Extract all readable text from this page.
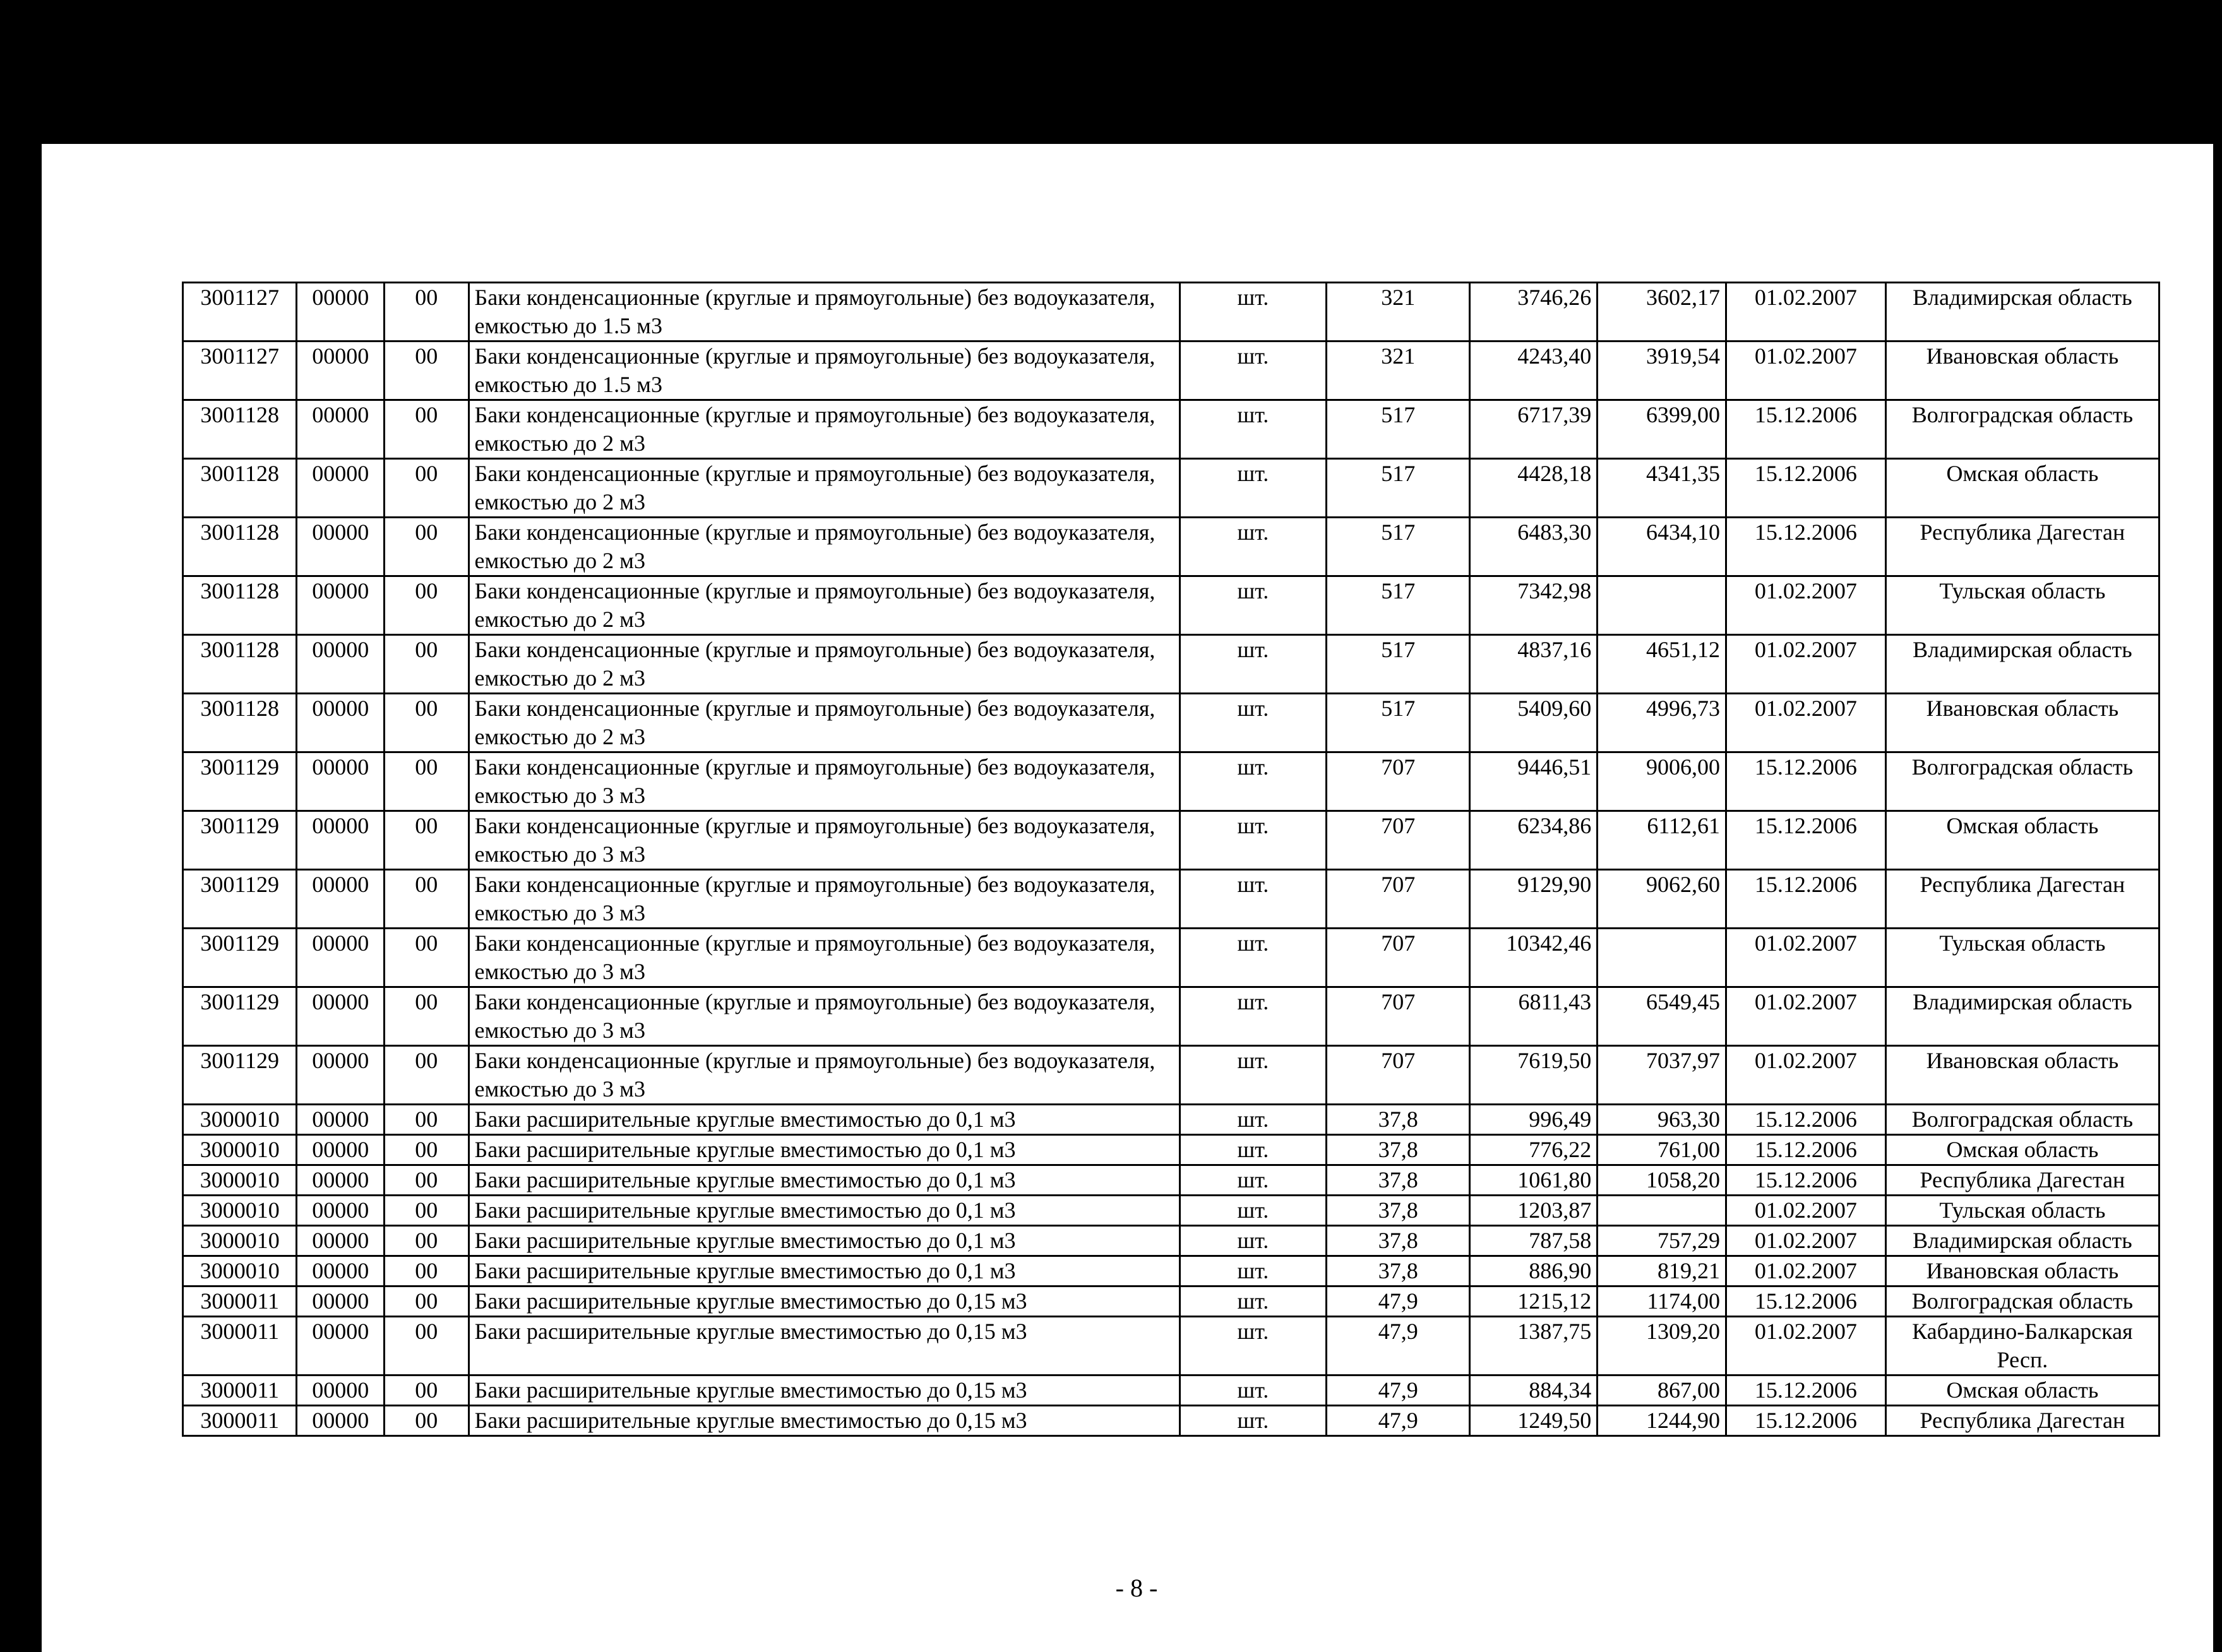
3001127	00000	00	Баки конденсационные (круглые и прямоугольные) без водоуказателя, емкостью до 1.5 м3	шт.	321	3746,26	3602,17	01.02.2007	Владимирская область
3001127	00000	00	Баки конденсационные (круглые и прямоугольные) без водоуказателя, емкостью до 1.5 м3	шт.	321	4243,40	3919,54	01.02.2007	Ивановская область
3001128	00000	00	Баки конденсационные (круглые и прямоугольные) без водоуказателя, емкостью до 2 м3	шт.	517	6717,39	6399,00	15.12.2006	Волгоградская область
3001128	00000	00	Баки конденсационные (круглые и прямоугольные) без водоуказателя, емкостью до 2 м3	шт.	517	4428,18	4341,35	15.12.2006	Омская область
3001128	00000	00	Баки конденсационные (круглые и прямоугольные) без водоуказателя, емкостью до 2 м3	шт.	517	6483,30	6434,10	15.12.2006	Республика Дагестан
3001128	00000	00	Баки конденсационные (круглые и прямоугольные) без водоуказателя, емкостью до 2 м3	шт.	517	7342,98		01.02.2007	Тульская область
3001128	00000	00	Баки конденсационные (круглые и прямоугольные) без водоуказателя, емкостью до 2 м3	шт.	517	4837,16	4651,12	01.02.2007	Владимирская область
3001128	00000	00	Баки конденсационные (круглые и прямоугольные) без водоуказателя, емкостью до 2 м3	шт.	517	5409,60	4996,73	01.02.2007	Ивановская область
3001129	00000	00	Баки конденсационные (круглые и прямоугольные) без водоуказателя, емкостью до 3 м3	шт.	707	9446,51	9006,00	15.12.2006	Волгоградская область
3001129	00000	00	Баки конденсационные (круглые и прямоугольные) без водоуказателя, емкостью до 3 м3	шт.	707	6234,86	6112,61	15.12.2006	Омская область
3001129	00000	00	Баки конденсационные (круглые и прямоугольные) без водоуказателя, емкостью до 3 м3	шт.	707	9129,90	9062,60	15.12.2006	Республика Дагестан
3001129	00000	00	Баки конденсационные (круглые и прямоугольные) без водоуказателя, емкостью до 3 м3	шт.	707	10342,46		01.02.2007	Тульская область
3001129	00000	00	Баки конденсационные (круглые и прямоугольные) без водоуказателя, емкостью до 3 м3	шт.	707	6811,43	6549,45	01.02.2007	Владимирская область
3001129	00000	00	Баки конденсационные (круглые и прямоугольные) без водоуказателя, емкостью до 3 м3	шт.	707	7619,50	7037,97	01.02.2007	Ивановская область
3000010	00000	00	Баки расширительные круглые вместимостью до 0,1 м3	шт.	37,8	996,49	963,30	15.12.2006	Волгоградская область
3000010	00000	00	Баки расширительные круглые вместимостью до 0,1 м3	шт.	37,8	776,22	761,00	15.12.2006	Омская область
3000010	00000	00	Баки расширительные круглые вместимостью до 0,1 м3	шт.	37,8	1061,80	1058,20	15.12.2006	Республика Дагестан
3000010	00000	00	Баки расширительные круглые вместимостью до 0,1 м3	шт.	37,8	1203,87		01.02.2007	Тульская область
3000010	00000	00	Баки расширительные круглые вместимостью до 0,1 м3	шт.	37,8	787,58	757,29	01.02.2007	Владимирская область
3000010	00000	00	Баки расширительные круглые вместимостью до 0,1 м3	шт.	37,8	886,90	819,21	01.02.2007	Ивановская область
3000011	00000	00	Баки расширительные круглые вместимостью до 0,15 м3	шт.	47,9	1215,12	1174,00	15.12.2006	Волгоградская область
3000011	00000	00	Баки расширительные круглые вместимостью до 0,15 м3	шт.	47,9	1387,75	1309,20	01.02.2007	Кабардино-Балкарская Респ.
3000011	00000	00	Баки расширительные круглые вместимостью до 0,15 м3	шт.	47,9	884,34	867,00	15.12.2006	Омская область
3000011	00000	00	Баки расширительные круглые вместимостью до 0,15 м3	шт.	47,9	1249,50	1244,90	15.12.2006	Республика Дагестан
- 8 -
